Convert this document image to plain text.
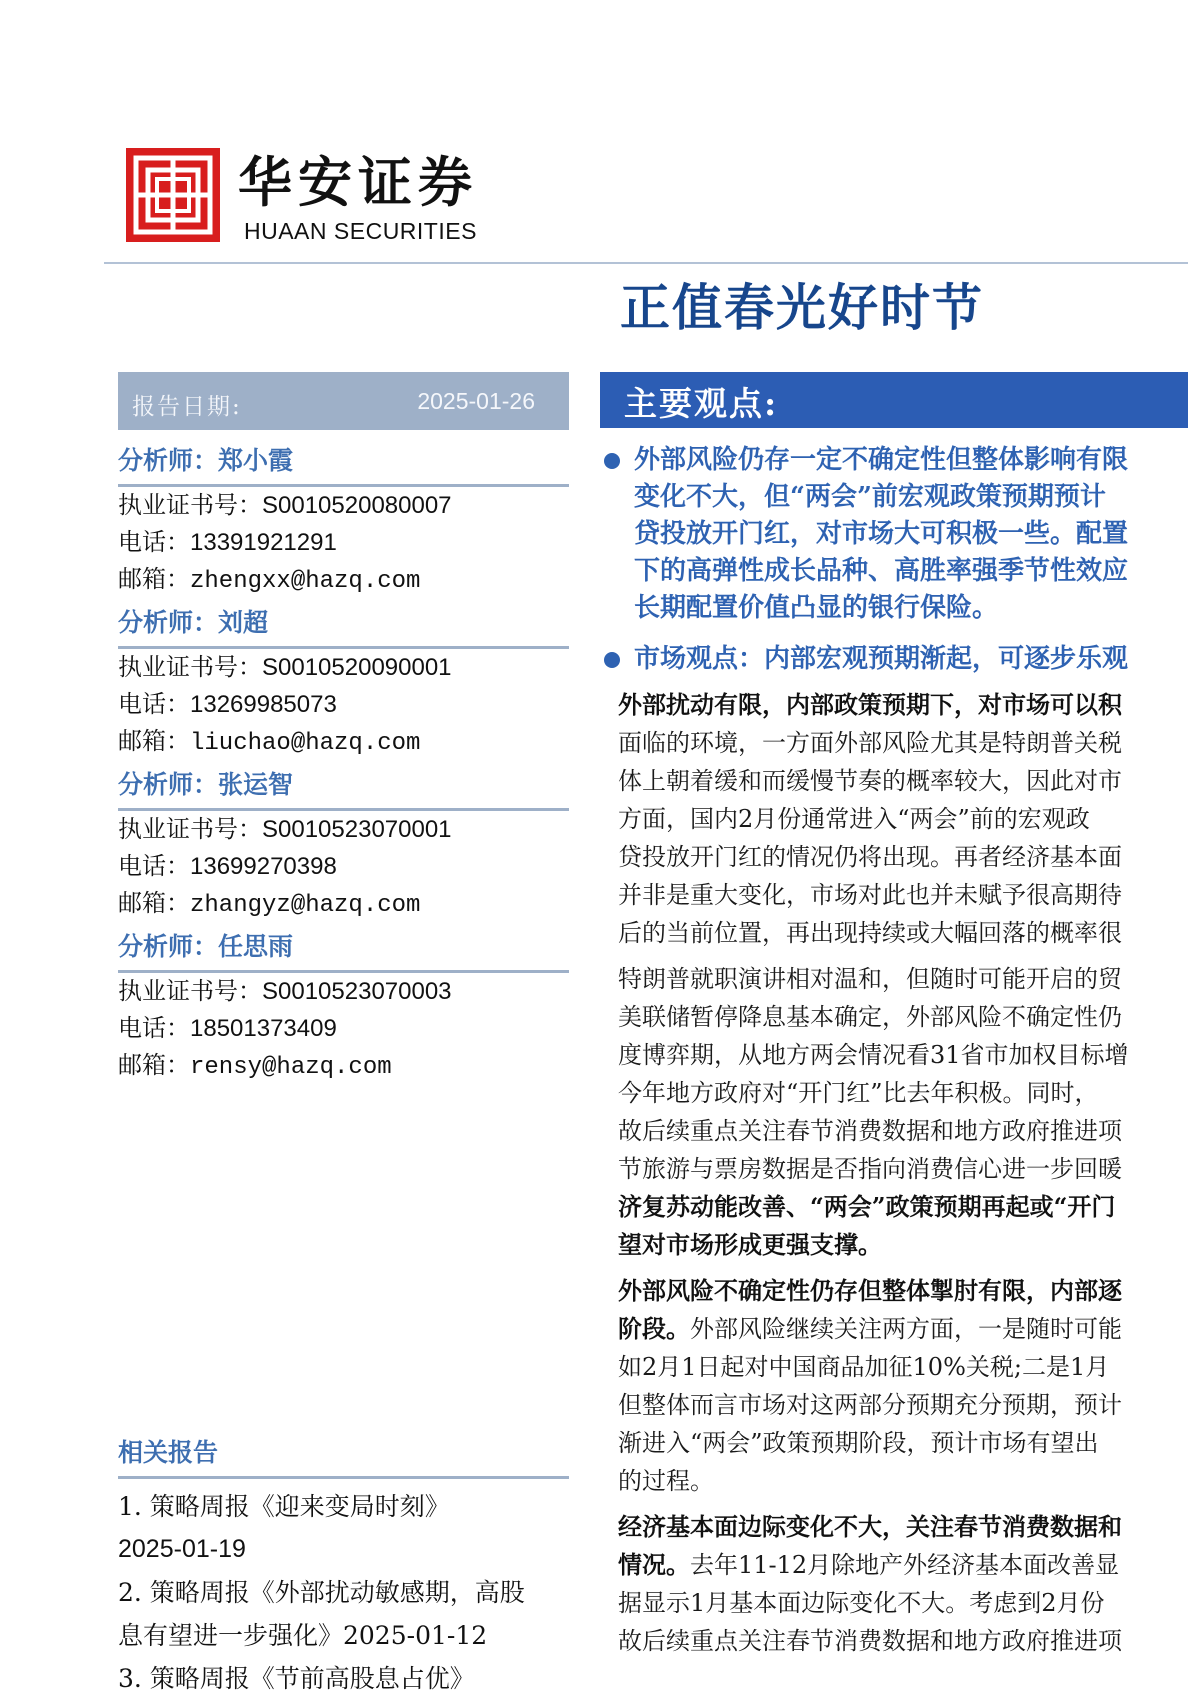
华安证券
HUAAN SECURITIES
正值春光好时节
报告日期:	2025-01-26
分析师：郑小霞
执业证书号：S0010520080007
电话：13391921291
邮箱：zhengxx@hazq.com
分析师：刘超
执业证书号：S0010520090001
电话：13269985073
邮箱：liuchao@hazq.com
分析师：张运智
执业证书号：S0010523070001
电话：13699270398
邮箱：zhangyz@hazq.com
分析师：任思雨
执业证书号：S0010523070003
电话：18501373409
邮箱：rensy@hazq.com
相关报告
1. 策略周报《迎来变局时刻》
2025-01-19
2. 策略周报《外部扰动敏感期，高股
息有望进一步强化》2025-01-12
3. 策略周报《节前高股息占优》
主要观点:
外部风险仍存一定不确定性但整体影响有限
变化不大，但“两会”前宏观政策预期预计
贷投放开门红，对市场大可积极一些。配置
下的高弹性成长品种、高胜率强季节性效应
长期配置价值凸显的银行保险。
市场观点：内部宏观预期渐起，可逐步乐观
外部扰动有限，内部政策预期下，对市场可以积
面临的环境，一方面外部风险尤其是特朗普关税
体上朝着缓和而缓慢节奏的概率较大，因此对市
方面，国内2月份通常进入“两会”前的宏观政
贷投放开门红的情况仍将出现。再者经济基本面
并非是重大变化，市场对此也并未赋予很高期待
后的当前位置，再出现持续或大幅回落的概率很
特朗普就职演讲相对温和，但随时可能开启的贸
美联储暂停降息基本确定，外部风险不确定性仍
度博弈期，从地方两会情况看31省市加权目标增
今年地方政府对“开门红”比去年积极。同时，
故后续重点关注春节消费数据和地方政府推进项
节旅游与票房数据是否指向消费信心进一步回暖
济复苏动能改善、“两会”政策预期再起或“开门
望对市场形成更强支撑。
外部风险不确定性仍存但整体掣肘有限，内部逐
阶段。外部风险继续关注两方面，一是随时可能
如2月1日起对中国商品加征10%关税;二是1月
但整体而言市场对这两部分预期充分预期，预计
渐进入“两会”政策预期阶段，预计市场有望出
的过程。
经济基本面边际变化不大，关注春节消费数据和
情况。去年11-12月除地产外经济基本面改善显
据显示1月基本面边际变化不大。考虑到2月份
故后续重点关注春节消费数据和地方政府推进项
